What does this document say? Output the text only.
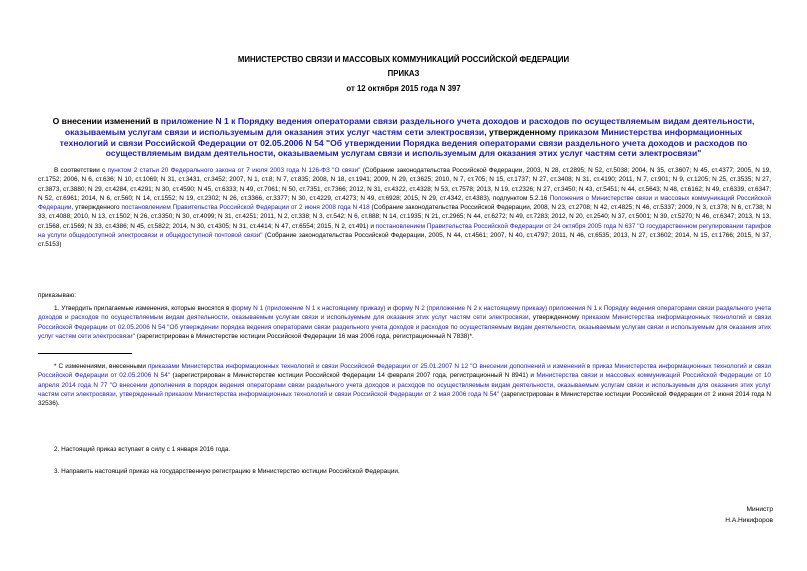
МИНИСТЕРСТВО СВЯЗИ И МАССОВЫХ КОММУНИКАЦИЙ РОССИЙСКОЙ ФЕДЕРАЦИИ
ПРИКАЗ
от 12 октября 2015 года N 397
О внесении изменений в приложение N 1 к Порядку ведения операторами связи раздельного учета доходов и расходов по осуществляемым видам деятельности, оказываемым услугам связи и используемым для оказания этих услуг частям сети электросвязи, утвержденному приказом Министерства информационных технологий и связи Российской Федерации от 02.05.2006 N 54 "Об утверждении Порядка ведения операторами связи раздельного учета доходов и расходов по осуществляемым видам деятельности, оказываемым услугам связи и используемым для оказания этих услуг частям сети электросвязи"
В соответствии с пунктом 2 статьи 20 Федерального закона от 7 июля 2003 года N 126-ФЗ "О связи" (Собрание законодательства Российской Федерации, 2003, N 28, ст.2895; N 52, ст.5038; 2004, N 35, ст.3607; N 45, ст.4377; 2005, N 19, ст.1752; 2006, N 6, ст.636; N 10, ст.1069; N 31, ст.3431, ст.3452; 2007, N 1, ст.8; N 7, ст.835; 2008, N 18, ст.1941; 2009, N 29, ст.3625; 2010, N 7, ст.705; N 15, ст.1737; N 27, ст.3408; N 31, ст.4190; 2011, N 7, ст.901; N 9, ст.1205; N 25, ст.3535; N 27, ст.3873, ст.3880; N 29, ст.4284, ст.4291; N 30, ст.4590; N 45, ст.6333; N 49, ст.7061; N 50, ст.7351, ст.7366; 2012, N 31, ст.4322, ст.4328; N 53, ст.7578; 2013, N 19, ст.2326; N 27, ст.3450; N 43, ст.5451; N 44, ст.5643; N 48, ст.6162; N 49, ст.6339, ст.6347; N 52, ст.6961; 2014, N 6, ст.560; N 14, ст.1552; N 19, ст.2302; N 26, ст.3366, ст.3377; N 30, ст.4229, ст.4273; N 49, ст.6928; 2015, N 29, ст.4342, ст.4383), подпунктом 5.2.16 Положения о Министерстве связи и массовых коммуникаций Российской Федерации, утвержденного постановлением Правительства Российской Федерации от 2 июня 2008 года N 418 (Собрание законодательства Российской Федерации, 2008, N 23, ст.2708; N 42, ст.4825; N 46, ст.5337; 2009, N 3, ст.378; N 6, ст.738; N 33, ст.4088; 2010, N 13, ст.1502; N 26, ст.3350; N 30, ст.4099; N 31, ст.4251; 2011, N 2, ст.338; N 3, ст.542; N 6, ст.888; N 14, ст.1935; N 21, ст.2965; N 44, ст.6272; N 49, ст.7283; 2012, N 20, ст.2540; N 37, ст.5001; N 39, ст.5270; N 46, ст.6347; 2013, N 13, ст.1568, ст.1569; N 33, ст.4386; N 45, ст.5822; 2014, N 30, ст.4305; N 31, ст.4414; N 47, ст.6554; 2015, N 2, ст.491) и постановлением Правительства Российской Федерации от 24 октября 2005 года N 637 "О государственном регулировании тарифов на услуги общедоступной электросвязи и общедоступной почтовой связи" (Собрание законодательства Российской Федерации, 2005, N 44, ст.4561; 2007, N 40, ст.4797; 2011, N 46, ст.6535; 2013, N 27, ст.3602; 2014, N 15, ст.1766; 2015, N 37, ст.5153)
приказываю:
1. Утвердить прилагаемые изменения, которые вносятся в форму N 1 (приложение N 1 к настоящему приказу) и форму N 2 (приложение N 2 к настоящему приказу) приложения N 1 к Порядку ведения операторами связи раздельного учета доходов и расходов по осуществляемым видам деятельности, оказываемым услугам связи и используемым для оказания этих услуг частям сети электросвязи, утвержденному приказом Министерства информационных технологий и связи Российской Федерации от 02.05.2006 N 54 "Об утверждении порядка ведения операторами связи раздельного учета доходов и расходов по осуществляемым видам деятельности, оказываемым услугам связи и используемым для оказания этих услуг частям сети электросвязи" (зарегистрирован в Министерстве юстиции Российской Федерации 16 мая 2006 года, регистрационный N 7838)*.
* С изменениями, внесенными приказами Министерства информационных технологий и связи Российской Федерации от 25.01.2007 N 12 "О внесении дополнений и изменений в приказ Министерства информационных технологий и связи Российской Федерации от 02.05.2006 N 54" (зарегистрирован в Министерстве юстиции Российской Федерации 14 февраля 2007 года, регистрационный N 8941) и Министерства связи и массовых коммуникаций Российской Федерации от 10 апреля 2014 года N 77 "О внесении дополнения в порядок ведения операторами связи раздельного учета доходов и расходов по осуществляемым видам деятельности, оказываемым услугам связи и используемым для оказания этих услуг частям сети электросвязи, утвержденный приказом Министерства информационных технологий и связи Российской Федерации от 2 мая 2006 года N 54" (зарегистрирован в Министерстве юстиции Российской Федерации от 2 июня 2014 года N 32536).
2. Настоящий приказ вступает в силу с 1 января 2016 года.
3. Направить настоящий приказ на государственную регистрацию в Министерство юстиции Российской Федерации.
Министр
Н.А.Никифоров
